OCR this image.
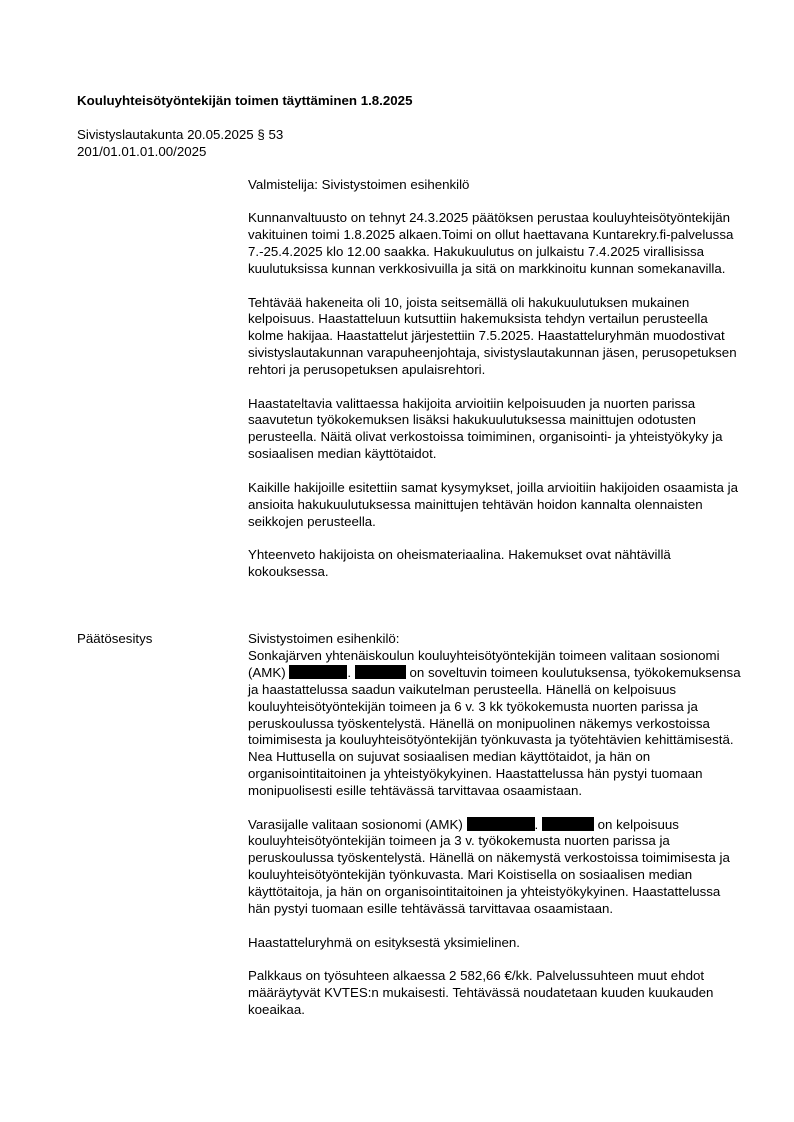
Kouluyhteisötyöntekijän toimen täyttäminen 1.8.2025
Sivistyslautakunta 20.05.2025 § 53
201/01.01.01.00/2025

Valmistelija: Sivistystoimen esihenkilö

Kunnanvaltuusto on tehnyt 24.3.2025 päätöksen perustaa kouluyhteisötyöntekijän vakituinen toimi 1.8.2025 alkaen.Toimi on ollut haettavana Kuntarekry.fi-palvelussa 7.-25.4.2025 klo 12.00 saakka. Hakukuulutus on julkaistu 7.4.2025 virallisissa kuulutuksissa kunnan verkkosivuilla ja sitä on markkinoitu kunnan somekanavilla.

Tehtävää hakeneita oli 10, joista seitsemällä oli hakukuulutuksen mukainen kelpoisuus. Haastatteluun kutsuttiin hakemuksista tehdyn vertailun perusteella kolme hakijaa. Haastattelut järjestettiin 7.5.2025. Haastatteluryhmän muodostivat sivistyslautakunnan varapuheenjohtaja, sivistyslautakunnan jäsen, perusopetuksen rehtori ja perusopetuksen apulaisrehtori.

Haastateltavia valittaessa hakijoita arvioitiin kelpoisuuden ja nuorten parissa saavutetun työkokemuksen lisäksi hakukuulutuksessa mainittujen odotusten perusteella. Näitä olivat verkostoissa toimiminen, organisointi- ja yhteistyökyky ja sosiaalisen median käyttötaidot.

Kaikille hakijoille esitettiin samat kysymykset, joilla arvioitiin hakijoiden osaamista ja ansioita hakukuulutuksessa mainittujen tehtävän hoidon kannalta olennaisten seikkojen perusteella.

Yhteenveto hakijoista on oheismateriaalina. Hakemukset ovat nähtävillä kokouksessa.

Päätösesitys	Sivistystoimen esihenkilö:
Sonkajärven yhtenäiskoulun kouluyhteisötyöntekijän toimeen valitaan sosionomi (AMK)	.	on soveltuvin toimeen koulutuksensa, työkokemuksensa ja haastattelussa saadun vaikutelman perusteella. Hänellä on kelpoisuus kouluyhteisötyöntekijän toimeen ja 6 v. 3 kk työkokemusta nuorten parissa ja peruskoulussa työskentelystä. Hänellä on monipuolinen näkemys verkostoissa toimimisesta ja kouluyhteisötyöntekijän työnkuvasta ja työtehtävien kehittämisestä. Nea Huttusella on sujuvat sosiaalisen median käyttötaidot, ja hän on organisointitaitoinen ja yhteistyökykyinen. Haastattelussa hän pystyi tuomaan monipuolisesti esille tehtävässä tarvittavaa osaamistaan.

Varasijalle valitaan sosionomi (AMK)	.	on kelpoisuus kouluyhteisötyöntekijän toimeen ja 3 v. työkokemusta nuorten parissa ja peruskoulussa työskentelystä. Hänellä on näkemystä verkostoissa toimimisesta ja kouluyhteisötyöntekijän työnkuvasta. Mari Koistisella on sosiaalisen median käyttötaitoja, ja hän on organisointitaitoinen ja yhteistyökykyinen. Haastattelussa hän pystyi tuomaan esille tehtävässä tarvittavaa osaamistaan.

Haastatteluryhmä on esityksestä yksimielinen.

Palkkaus on työsuhteen alkaessa 2 582,66 €/kk. Palvelussuhteen muut ehdot määräytyvät KVTES:n mukaisesti. Tehtävässä noudatetaan kuuden kuukauden koeaikaa.
